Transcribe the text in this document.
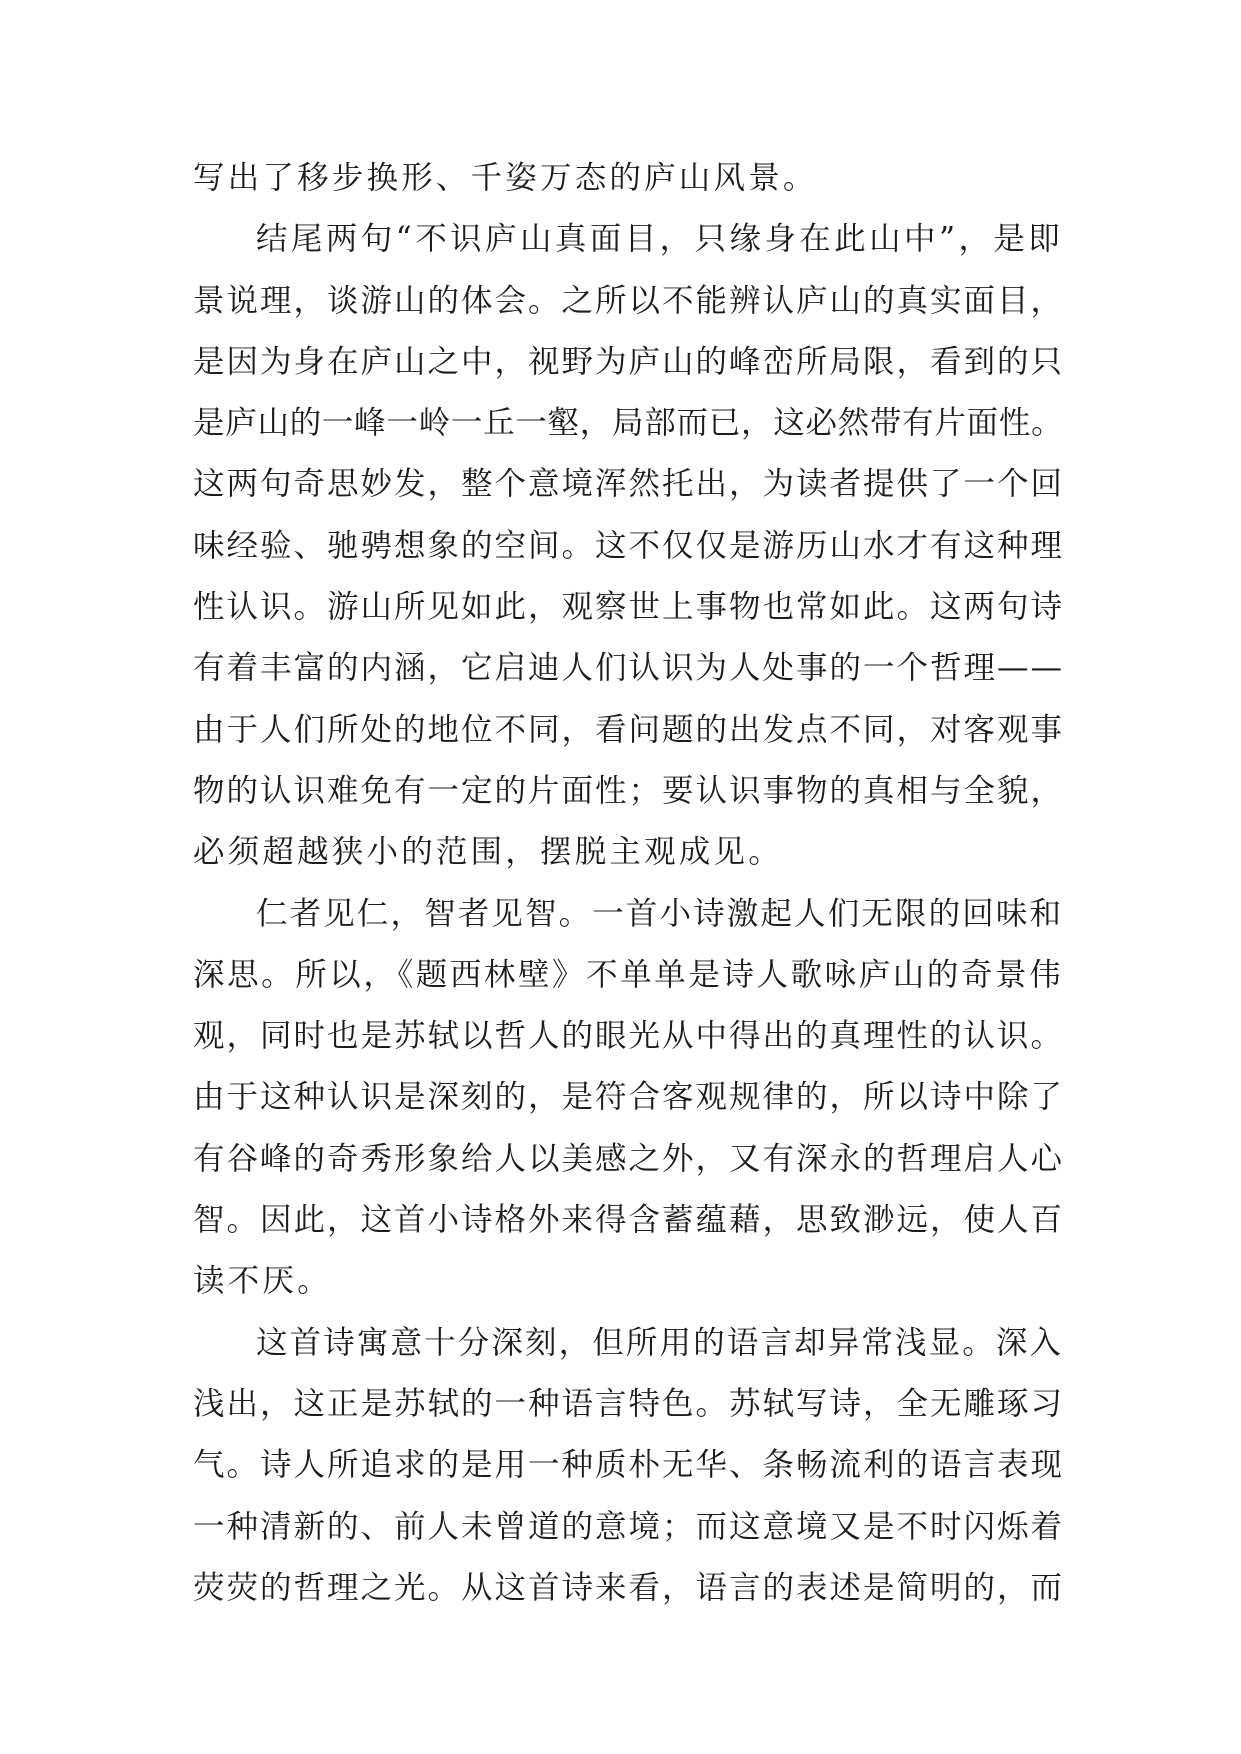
写出了移步换形、千姿万态的庐山风景。
结尾两句“不识庐山真面目，只缘身在此山中”，是即
景说理，谈游山的体会。之所以不能辨认庐山的真实面目，
是因为身在庐山之中，视野为庐山的峰峦所局限，看到的只
是庐山的一峰一岭一丘一壑，局部而已，这必然带有片面性。
这两句奇思妙发，整个意境浑然托出，为读者提供了一个回
味经验、驰骋想象的空间。这不仅仅是游历山水才有这种理
性认识。游山所见如此，观察世上事物也常如此。这两句诗
有着丰富的内涵，它启迪人们认识为人处事的一个哲理——
由于人们所处的地位不同，看问题的出发点不同，对客观事
物的认识难免有一定的片面性；要认识事物的真相与全貌，
必须超越狭小的范围，摆脱主观成见。
仁者见仁，智者见智。一首小诗激起人们无限的回味和
深思。所以，《题西林壁》不单单是诗人歌咏庐山的奇景伟
观，同时也是苏轼以哲人的眼光从中得出的真理性的认识。
由于这种认识是深刻的，是符合客观规律的，所以诗中除了
有谷峰的奇秀形象给人以美感之外，又有深永的哲理启人心
智。因此，这首小诗格外来得含蓄蕴藉，思致渺远，使人百
读不厌。
这首诗寓意十分深刻，但所用的语言却异常浅显。深入
浅出，这正是苏轼的一种语言特色。苏轼写诗，全无雕琢习
气。诗人所追求的是用一种质朴无华、条畅流利的语言表现
一种清新的、前人未曾道的意境；而这意境又是不时闪烁着
荧荧的哲理之光。从这首诗来看，语言的表述是简明的，而
